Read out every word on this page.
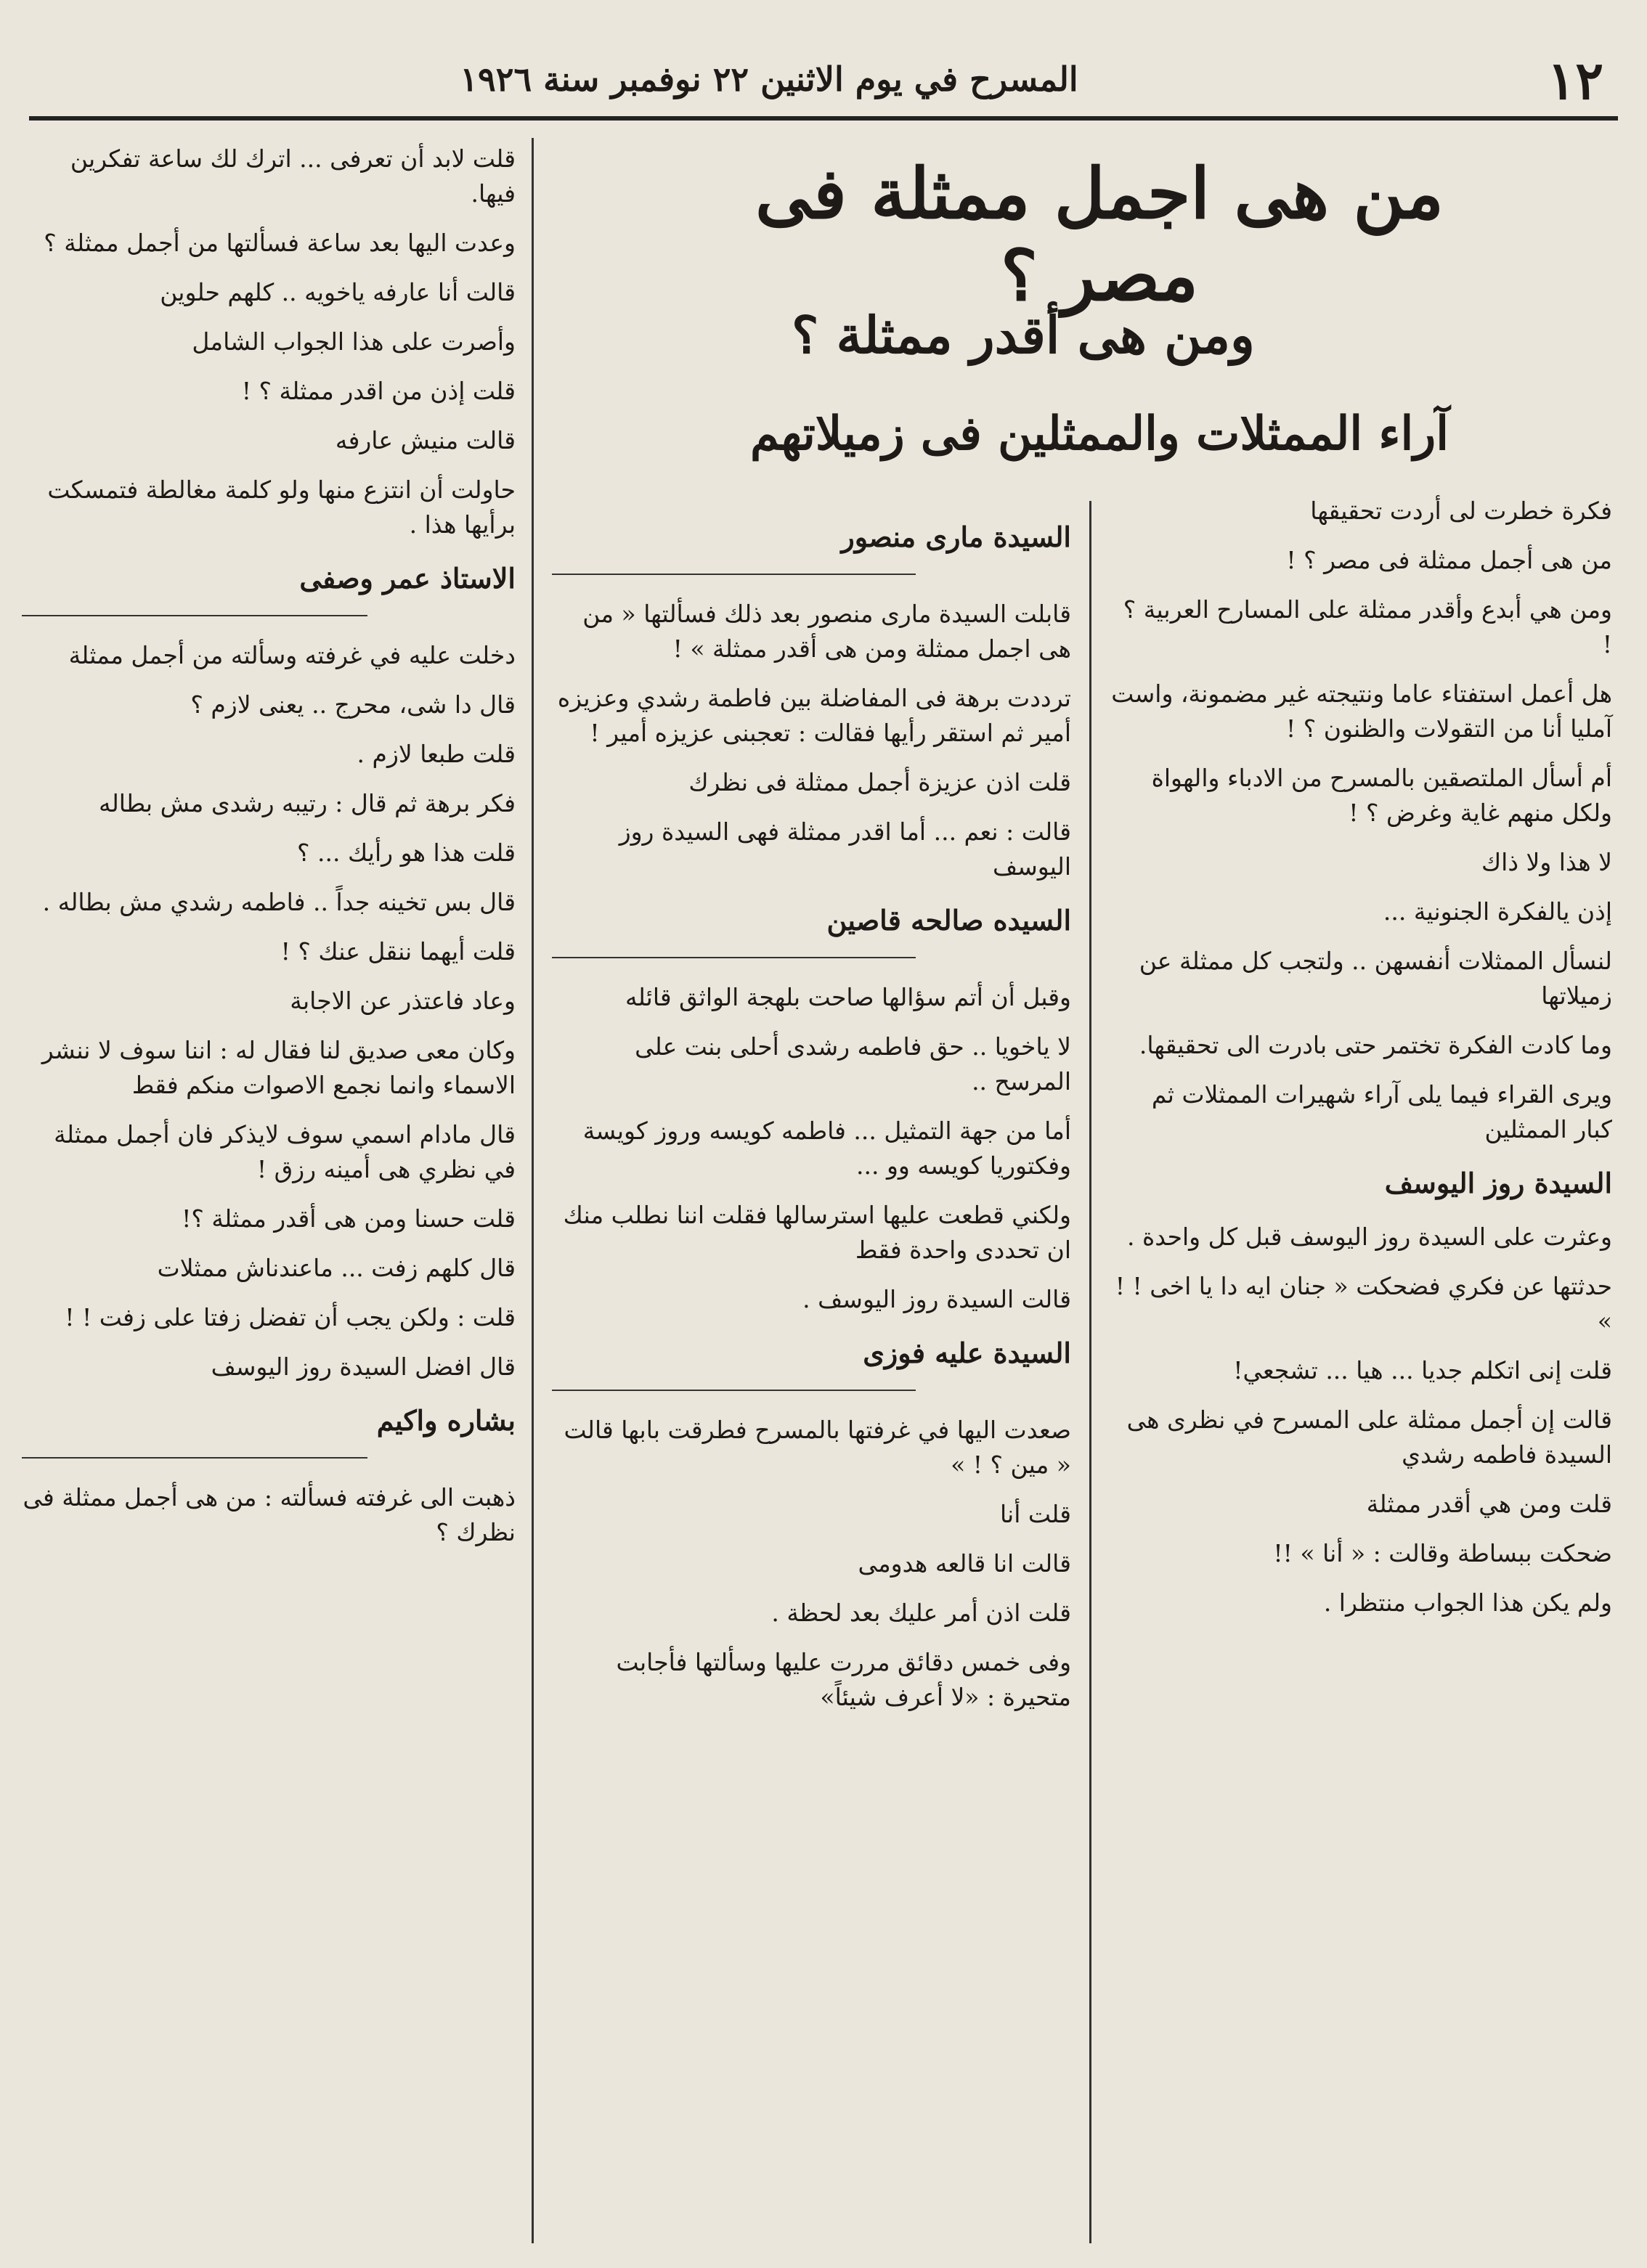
١٢
المسرح في يوم الاثنين ٢٢ نوفمبر سنة ١٩٢٦
من هى اجمل ممثلة فى مصر ؟
ومن هى أقدر ممثلة ؟
آراء الممثلات والممثلين فى زميلاتهم
فكرة خطرت لى أردت تحقيقها
من هى أجمل ممثلة فى مصر ؟ !
ومن هي أبدع وأقدر ممثلة على المسارح العربية ؟ !
هل أعمل استفتاء عاما ونتيجته غير مضمونة، واست آمليا أنا من التقولات والظنون ؟ !
أم أسأل الملتصقين بالمسرح من الادباء والهواة ولكل منهم غاية وغرض ؟ !
لا هذا ولا ذاك
إذن يالفكرة الجنونية ...
لنسأل الممثلات أنفسهن .. ولتجب كل ممثلة عن زميلاتها
وما كادت الفكرة تختمر حتى بادرت الى تحقيقها.
ويرى القراء فيما يلى آراء شهيرات الممثلات ثم كبار الممثلين
السيدة روز اليوسف
وعثرت على السيدة روز اليوسف قبل كل واحدة .
حدثتها عن فكري فضحكت « جنان ايه دا يا اخى ! ! »
قلت إنى اتكلم جديا ... هيا ... تشجعي!
قالت إن أجمل ممثلة على المسرح في نظرى هى السيدة فاطمه رشدي
قلت ومن هي أقدر ممثلة
ضحكت ببساطة وقالت : « أنا » !!
ولم يكن هذا الجواب منتظرا .
السيدة مارى منصور
قابلت السيدة مارى منصور بعد ذلك فسألتها « من هى اجمل ممثلة ومن هى أقدر ممثلة » !
ترددت برهة فى المفاضلة بين فاطمة رشدي وعزيزه أمير ثم استقر رأيها فقالت : تعجبنى عزيزه أمير !
قلت اذن عزيزة أجمل ممثلة فى نظرك
قالت : نعم ... أما اقدر ممثلة فهى السيدة روز اليوسف
السيده صالحه قاصين
وقبل أن أتم سؤالها صاحت بلهجة الواثق قائله
لا ياخويا .. حق فاطمه رشدى أحلى بنت على المرسح ..
أما من جهة التمثيل ... فاطمه كويسه وروز كويسة وفكتوريا كويسه وو ...
ولكني قطعت عليها استرسالها فقلت اننا نطلب منك ان تحددى واحدة فقط
قالت السيدة روز اليوسف .
السيدة عليه فوزى
صعدت اليها في غرفتها بالمسرح فطرقت بابها قالت « مين ؟ ! »
قلت أنا
قالت انا قالعه هدومى
قلت اذن أمر عليك بعد لحظة .
وفى خمس دقائق مررت عليها وسألتها فأجابت متحيرة : «لا أعرف شيئاً»
قلت لابد أن تعرفى ... اترك لك ساعة تفكرين فيها.
وعدت اليها بعد ساعة فسألتها من أجمل ممثلة ؟
قالت أنا عارفه ياخويه .. كلهم حلوين
وأصرت على هذا الجواب الشامل
قلت إذن من اقدر ممثلة ؟ !
قالت منيش عارفه
حاولت أن انتزع منها ولو كلمة مغالطة فتمسكت برأيها هذا .
الاستاذ عمر وصفى
دخلت عليه في غرفته وسألته من أجمل ممثلة
قال دا شى، محرج .. يعنى لازم ؟
قلت طبعا لازم .
فكر برهة ثم قال : رتيبه رشدى مش بطاله
قلت هذا هو رأيك ... ؟
قال بس تخينه جداً .. فاطمه رشدي مش بطاله .
قلت أيهما ننقل عنك ؟ !
وعاد فاعتذر عن الاجابة
وكان معى صديق لنا فقال له : اننا سوف لا ننشر الاسماء وانما نجمع الاصوات منكم فقط
قال مادام اسمي سوف لايذكر فان أجمل ممثلة في نظري هى أمينه رزق !
قلت حسنا ومن هى أقدر ممثلة ؟!
قال كلهم زفت ... ماعندناش ممثلات
قلت : ولكن يجب أن تفضل زفتا على زفت ! !
قال افضل السيدة روز اليوسف
بشاره واكيم
ذهبت الى غرفته فسألته : من هى أجمل ممثلة فى نظرك ؟
